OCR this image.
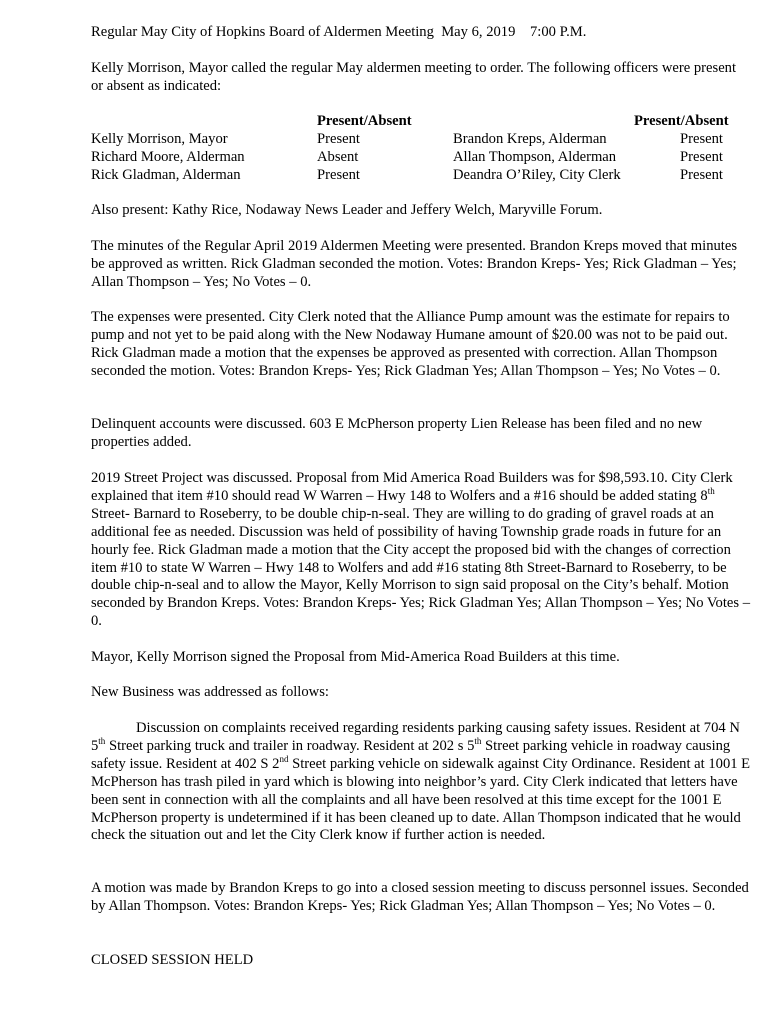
Regular May City of Hopkins Board of Aldermen Meeting May 6, 2019 7:00 P.M.

Kelly Morrison, Mayor called the regular May aldermen meeting to order. The following officers were present or absent as indicated:

Present/Absent	Present/Absent
Kelly Morrison, Mayor	Present	Brandon Kreps, Alderman	Present
Richard Moore, Alderman	Absent	Allan Thompson, Alderman	Present
Rick Gladman, Alderman	Present	Deandra O’Riley, City Clerk	Present

Also present: Kathy Rice, Nodaway News Leader and Jeffery Welch, Maryville Forum.

The minutes of the Regular April 2019 Aldermen Meeting were presented. Brandon Kreps moved that minutes be approved as written. Rick Gladman seconded the motion. Votes: Brandon Kreps- Yes; Rick Gladman – Yes; Allan Thompson – Yes; No Votes – 0.

The expenses were presented. City Clerk noted that the Alliance Pump amount was the estimate for repairs to pump and not yet to be paid along with the New Nodaway Humane amount of $20.00 was not to be paid out. Rick Gladman made a motion that the expenses be approved as presented with correction. Allan Thompson seconded the motion. Votes: Brandon Kreps- Yes; Rick Gladman Yes; Allan Thompson – Yes; No Votes – 0.

Delinquent accounts were discussed. 603 E McPherson property Lien Release has been filed and no new properties added.

2019 Street Project was discussed. Proposal from Mid America Road Builders was for $98,593.10. City Clerk explained that item #10 should read W Warren – Hwy 148 to Wolfers and a #16 should be added stating 8th Street- Barnard to Roseberry, to be double chip-n-seal. They are willing to do grading of gravel roads at an additional fee as needed. Discussion was held of possibility of having Township grade roads in future for an hourly fee. Rick Gladman made a motion that the City accept the proposed bid with the changes of correction item #10 to state W Warren – Hwy 148 to Wolfers and add #16 stating 8th Street-Barnard to Roseberry, to be double chip-n-seal and to allow the Mayor, Kelly Morrison to sign said proposal on the City’s behalf. Motion seconded by Brandon Kreps. Votes: Brandon Kreps- Yes; Rick Gladman Yes; Allan Thompson – Yes; No Votes – 0.

Mayor, Kelly Morrison signed the Proposal from Mid-America Road Builders at this time.

New Business was addressed as follows:

Discussion on complaints received regarding residents parking causing safety issues. Resident at 704 N 5th Street parking truck and trailer in roadway. Resident at 202 s 5th Street parking vehicle in roadway causing safety issue. Resident at 402 S 2nd Street parking vehicle on sidewalk against City Ordinance. Resident at 1001 E McPherson has trash piled in yard which is blowing into neighbor’s yard. City Clerk indicated that letters have been sent in connection with all the complaints and all have been resolved at this time except for the 1001 E McPherson property is undetermined if it has been cleaned up to date. Allan Thompson indicated that he would check the situation out and let the City Clerk know if further action is needed.

A motion was made by Brandon Kreps to go into a closed session meeting to discuss personnel issues. Seconded by Allan Thompson. Votes: Brandon Kreps- Yes; Rick Gladman Yes; Allan Thompson – Yes; No Votes – 0.

CLOSED SESSION HELD
